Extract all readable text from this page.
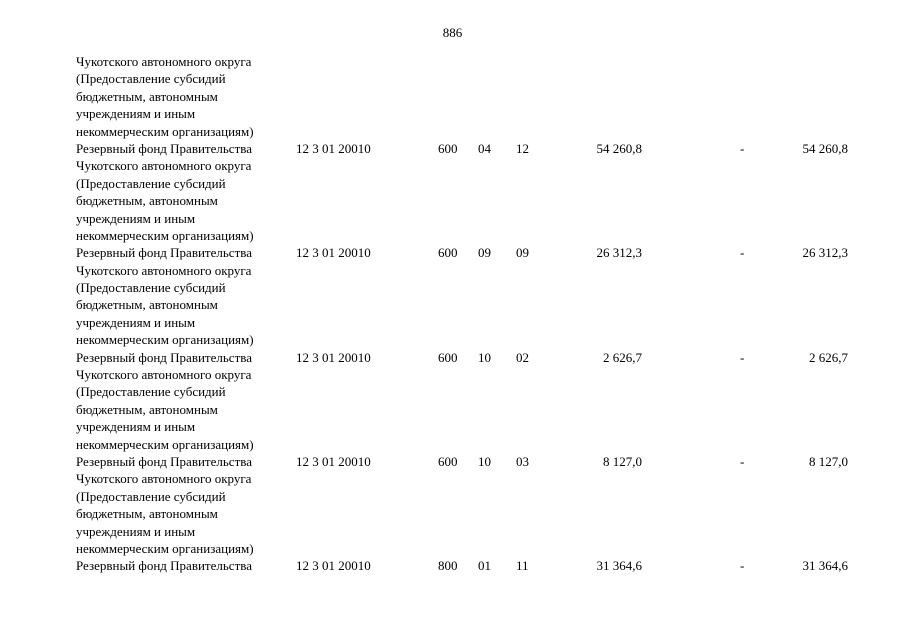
886
Чукотского автономного округа
(Предоставление субсидий
бюджетным, автономным
учреждениям и иным
некоммерческим организациям)
Резервный фонд Правительства	12 3 01 20010	600 04 12	54 260,8	-	54 260,8
Чукотского автономного округа
(Предоставление субсидий
бюджетным, автономным
учреждениям и иным
некоммерческим организациям)
Резервный фонд Правительства	12 3 01 20010	600 09 09	26 312,3	-	26 312,3
Чукотского автономного округа
(Предоставление субсидий
бюджетным, автономным
учреждениям и иным
некоммерческим организациям)
Резервный фонд Правительства	12 3 01 20010	600 10 02	2 626,7	-	2 626,7
Чукотского автономного округа
(Предоставление субсидий
бюджетным, автономным
учреждениям и иным
некоммерческим организациям)
Резервный фонд Правительства	12 3 01 20010	600 10 03	8 127,0	-	8 127,0
Чукотского автономного округа
(Предоставление субсидий
бюджетным, автономным
учреждениям и иным
некоммерческим организациям)
Резервный фонд Правительства	12 3 01 20010	800 01 11	31 364,6	-	31 364,6
